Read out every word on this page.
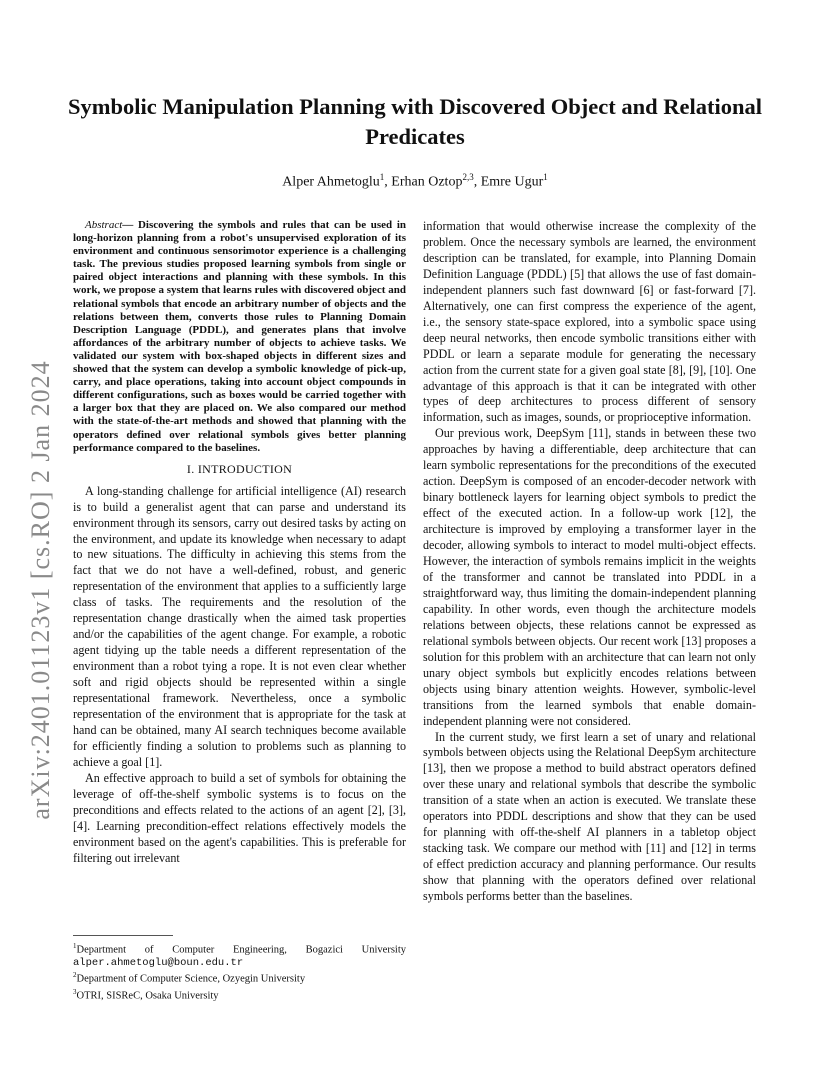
arXiv:2401.01123v1 [cs.RO] 2 Jan 2024
Symbolic Manipulation Planning with Discovered Object and Relational Predicates
Alper Ahmetoglu$^1$, Erhan Oztop$^{2,3}$, Emre Ugur$^1$

Abstract— Discovering the symbols and rules that can be used in long-horizon planning from a robot's unsupervised exploration of its environment and continuous sensorimotor experience is a challenging task. The previous studies proposed learning symbols from single or paired object interactions and planning with these symbols. In this work, we propose a system that learns rules with discovered object and relational symbols that encode an arbitrary number of objects and the relations between them, converts those rules to Planning Domain Description Language (PDDL), and generates plans that involve affordances of the arbitrary number of objects to achieve tasks. We validated our system with box-shaped objects in different sizes and showed that the system can develop a symbolic knowledge of pick-up, carry, and place operations, taking into account object compounds in different configurations, such as boxes would be carried together with a larger box that they are placed on. We also compared our method with the state-of-the-art methods and showed that planning with the operators defined over relational symbols gives better planning performance compared to the baselines.

I. INTRODUCTION

A long-standing challenge for artificial intelligence (AI) research is to build a generalist agent that can parse and understand its environment through its sensors, carry out desired tasks by acting on the environment, and update its knowledge when necessary to adapt to new situations. The difficulty in achieving this stems from the fact that we do not have a well-defined, robust, and generic representation of the environment that applies to a sufficiently large class of tasks. The requirements and the resolution of the representation change drastically when the aimed task properties and/or the capabilities of the agent change. For example, a robotic agent tidying up the table needs a different representation of the environment than a robot tying a rope. It is not even clear whether soft and rigid objects should be represented within a single representational framework. Nevertheless, once a symbolic representation of the environment that is appropriate for the task at hand can be obtained, many AI search techniques become available for efficiently finding a solution to problems such as planning to achieve a goal [1].

An effective approach to build a set of symbols for obtaining the leverage of off-the-shelf symbolic systems is to focus on the preconditions and effects related to the actions of an agent [2], [3], [4]. Learning precondition-effect relations effectively models the environment based on the agent's capabilities. This is preferable for filtering out irrelevant

$^1$Department of Computer Engineering, Bogazici University
alper.ahmetoglu@boun.edu.tr
$^2$Department of Computer Science, Ozyegin University
$^3$OTRI, SISReC, Osaka University

information that would otherwise increase the complexity of the problem. Once the necessary symbols are learned, the environment description can be translated, for example, into Planning Domain Definition Language (PDDL) [5] that allows the use of fast domain-independent planners such fast downward [6] or fast-forward [7]. Alternatively, one can first compress the experience of the agent, i.e., the sensory state-space explored, into a symbolic space using deep neural networks, then encode symbolic transitions either with PDDL or learn a separate module for generating the necessary action from the current state for a given goal state [8], [9], [10]. One advantage of this approach is that it can be integrated with other types of deep architectures to process different of sensory information, such as images, sounds, or proprioceptive information.

Our previous work, DeepSym [11], stands in between these two approaches by having a differentiable, deep architecture that can learn symbolic representations for the preconditions of the executed action. DeepSym is composed of an encoder-decoder network with binary bottleneck layers for learning object symbols to predict the effect of the executed action. In a follow-up work [12], the architecture is improved by employing a transformer layer in the decoder, allowing symbols to interact to model multi-object effects. However, the interaction of symbols remains implicit in the weights of the transformer and cannot be translated into PDDL in a straightforward way, thus limiting the domain-independent planning capability. In other words, even though the architecture models relations between objects, these relations cannot be expressed as relational symbols between objects. Our recent work [13] proposes a solution for this problem with an architecture that can learn not only unary object symbols but explicitly encodes relations between objects using binary attention weights. However, symbolic-level transitions from the learned symbols that enable domain-independent planning were not considered.

In the current study, we first learn a set of unary and relational symbols between objects using the Relational DeepSym architecture [13], then we propose a method to build abstract operators defined over these unary and relational symbols that describe the symbolic transition of a state when an action is executed. We translate these operators into PDDL descriptions and show that they can be used for planning with off-the-shelf AI planners in a tabletop object stacking task. We compare our method with [11] and [12] in terms of effect prediction accuracy and planning performance. Our results show that planning with the operators defined over relational symbols performs better than the baselines.
